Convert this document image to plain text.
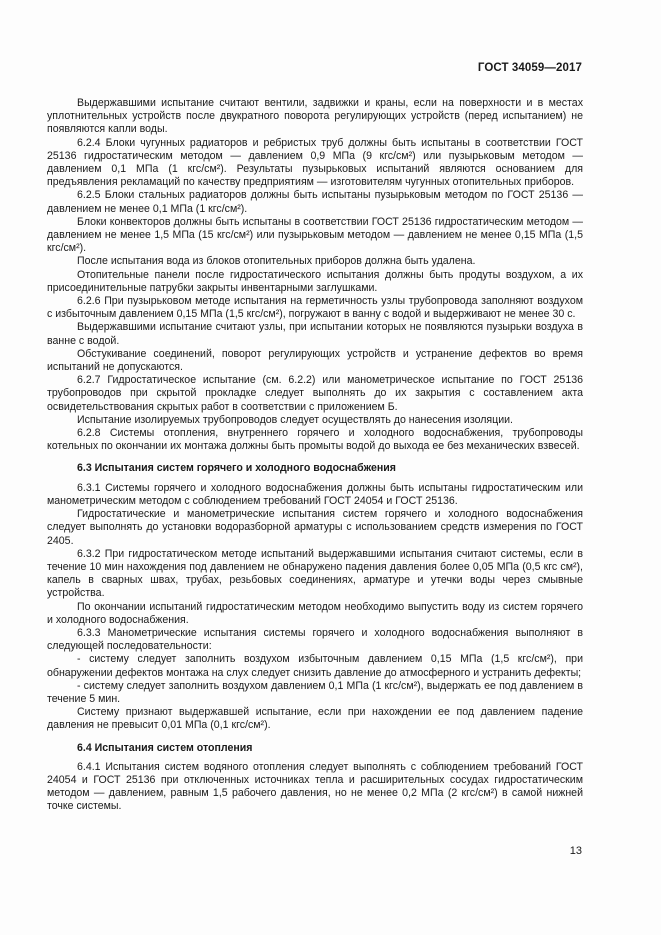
ГОСТ 34059—2017

Выдержавшими испытание считают вентили, задвижки и краны, если на поверхности и в местах уплотнительных устройств после двукратного поворота регулирующих устройств (перед испытанием) не появляются капли воды.

6.2.4 Блоки чугунных радиаторов и ребристых труб должны быть испытаны в соответствии ГОСТ 25136 гидростатическим методом — давлением 0,9 МПа (9 кгс/см²) или пузырьковым методом — давлением 0,1 МПа (1 кгс/см²). Результаты пузырьковых испытаний являются основанием для предъявления рекламаций по качеству предприятиям — изготовителям чугунных отопительных приборов.

6.2.5 Блоки стальных радиаторов должны быть испытаны пузырьковым методом по ГОСТ 25136 — давлением не менее 0,1 МПа (1 кгс/см²).

Блоки конвекторов должны быть испытаны в соответствии ГОСТ 25136 гидростатическим методом — давлением не менее 1,5 МПа (15 кгс/см²) или пузырьковым методом — давлением не менее 0,15 МПа (1,5 кгс/см²).

После испытания вода из блоков отопительных приборов должна быть удалена.

Отопительные панели после гидростатического испытания должны быть продуты воздухом, а их присоединительные патрубки закрыты инвентарными заглушками.

6.2.6 При пузырьковом методе испытания на герметичность узлы трубопровода заполняют воздухом с избыточным давлением 0,15 МПа (1,5 кгс/см²), погружают в ванну с водой и выдерживают не менее 30 с.

Выдержавшими испытание считают узлы, при испытании которых не появляются пузырьки воздуха в ванне с водой.

Обстукивание соединений, поворот регулирующих устройств и устранение дефектов во время испытаний не допускаются.

6.2.7 Гидростатическое испытание (см. 6.2.2) или манометрическое испытание по ГОСТ 25136 трубопроводов при скрытой прокладке следует выполнять до их закрытия с составлением акта освидетельствования скрытых работ в соответствии с приложением Б.

Испытание изолируемых трубопроводов следует осуществлять до нанесения изоляции.

6.2.8 Системы отопления, внутреннего горячего и холодного водоснабжения, трубопроводы котельных по окончании их монтажа должны быть промыты водой до выхода ее без механических взвесей.

6.3 Испытания систем горячего и холодного водоснабжения

6.3.1 Системы горячего и холодного водоснабжения должны быть испытаны гидростатическим или манометрическим методом с соблюдением требований ГОСТ 24054 и ГОСТ 25136.

Гидростатические и манометрические испытания систем горячего и холодного водоснабжения следует выполнять до установки водоразборной арматуры с использованием средств измерения по ГОСТ 2405.

6.3.2 При гидростатическом методе испытаний выдержавшими испытания считают системы, если в течение 10 мин нахождения под давлением не обнаружено падения давления более 0,05 МПа (0,5 кгс см²), капель в сварных швах, трубах, резьбовых соединениях, арматуре и утечки воды через смывные устройства.

По окончании испытаний гидростатическим методом необходимо выпустить воду из систем горячего и холодного водоснабжения.

6.3.3 Манометрические испытания системы горячего и холодного водоснабжения выполняют в следующей последовательности:

- систему следует заполнить воздухом избыточным давлением 0,15 МПа (1,5 кгс/см²), при обнаружении дефектов монтажа на слух следует снизить давление до атмосферного и устранить дефекты;

- систему следует заполнить воздухом давлением 0,1 МПа (1 кгс/см²), выдержать ее под давлением в течение 5 мин.

Систему признают выдержавшей испытание, если при нахождении ее под давлением падение давления не превысит 0,01 МПа (0,1 кгс/см²).

6.4 Испытания систем отопления

6.4.1 Испытания систем водяного отопления следует выполнять с соблюдением требований ГОСТ 24054 и ГОСТ 25136 при отключенных источниках тепла и расширительных сосудах гидростатическим методом — давлением, равным 1,5 рабочего давления, но не менее 0,2 МПа (2 кгс/см²) в самой нижней точке системы.

13
